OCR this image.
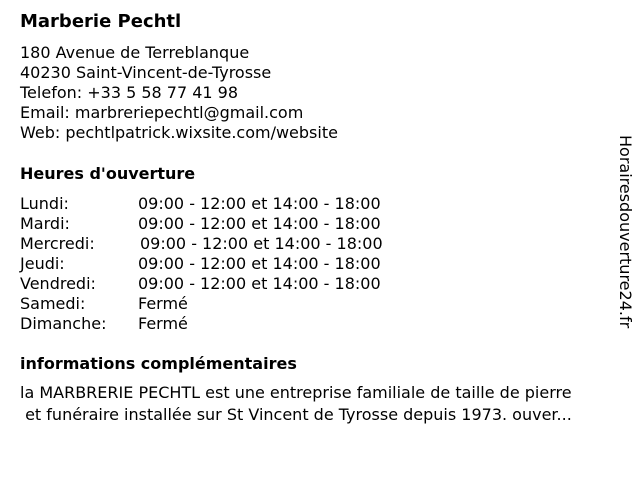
Marberie Pechtl
180 Avenue de Terreblanque
40230 Saint-Vincent-de-Tyrosse
Telefon: +33 5 58 77 41 98
Email: marbreriepechtl@gmail.com
Web: pechtlpatrick.wixsite.com/website
Heures d'ouverture
Lundi:	09:00 - 12:00 et 14:00 - 18:00
Mardi:	09:00 - 12:00 et 14:00 - 18:00
Mercredi:	09:00 - 12:00 et 14:00 - 18:00
Jeudi:	09:00 - 12:00 et 14:00 - 18:00
Vendredi:	09:00 - 12:00 et 14:00 - 18:00
Samedi:	Fermé
Dimanche: Fermé
informations complémentaires
la MARBRERIE PECHTL est une entreprise familiale de taille de pierre
et funéraire installée sur St Vincent de Tyrosse depuis 1973. ouver...
Horairesdouverture24.fr
